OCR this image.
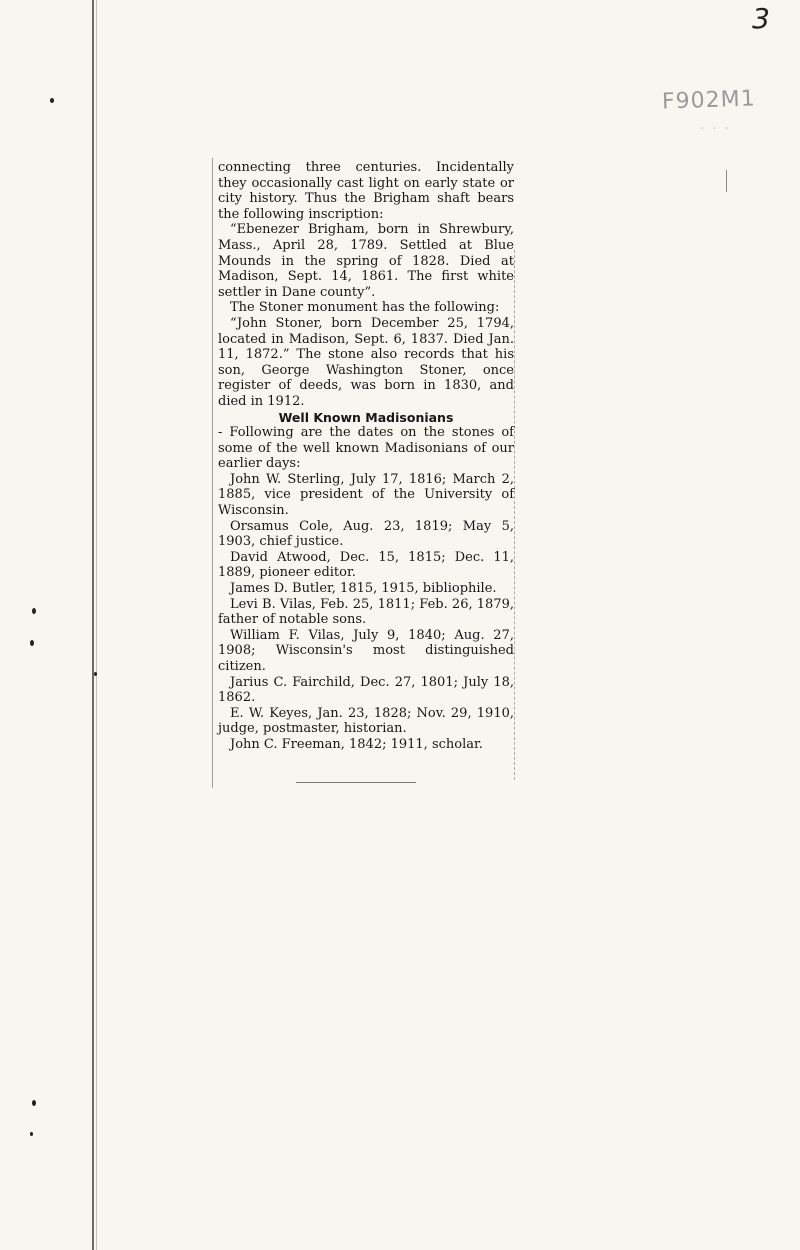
3
F902M1
· · ·

connecting three centuries. Incidentally they occasionally cast light on early state or city history. Thus the Brigham shaft bears the following inscription:

“Ebenezer Brigham, born in Shrewbury, Mass., April 28, 1789. Settled at Blue Mounds in the spring of 1828. Died at Madison, Sept. 14, 1861. The first white settler in Dane county”.

The Stoner monument has the following:

“John Stoner, born December 25, 1794, located in Madison, Sept. 6, 1837. Died Jan. 11, 1872.” The stone also records that his son, George Washington Stoner, once register of deeds, was born in 1830, and died in 1912.

Well Known Madisonians

- Following are the dates on the stones of some of the well known Madisonians of our earlier days:

John W. Sterling, July 17, 1816; March 2, 1885, vice president of the University of Wisconsin.

Orsamus Cole, Aug. 23, 1819; May 5, 1903, chief justice.

David Atwood, Dec. 15, 1815; Dec. 11, 1889, pioneer editor.

James D. Butler, 1815, 1915, bibliophile.

Levi B. Vilas, Feb. 25, 1811; Feb. 26, 1879, father of notable sons.

William F. Vilas, July 9, 1840; Aug. 27, 1908; Wisconsin's most distinguished citizen.

Jarius C. Fairchild, Dec. 27, 1801; July 18, 1862.

E. W. Keyes, Jan. 23, 1828; Nov. 29, 1910, judge, postmaster, historian.

John C. Freeman, 1842; 1911, scholar.
